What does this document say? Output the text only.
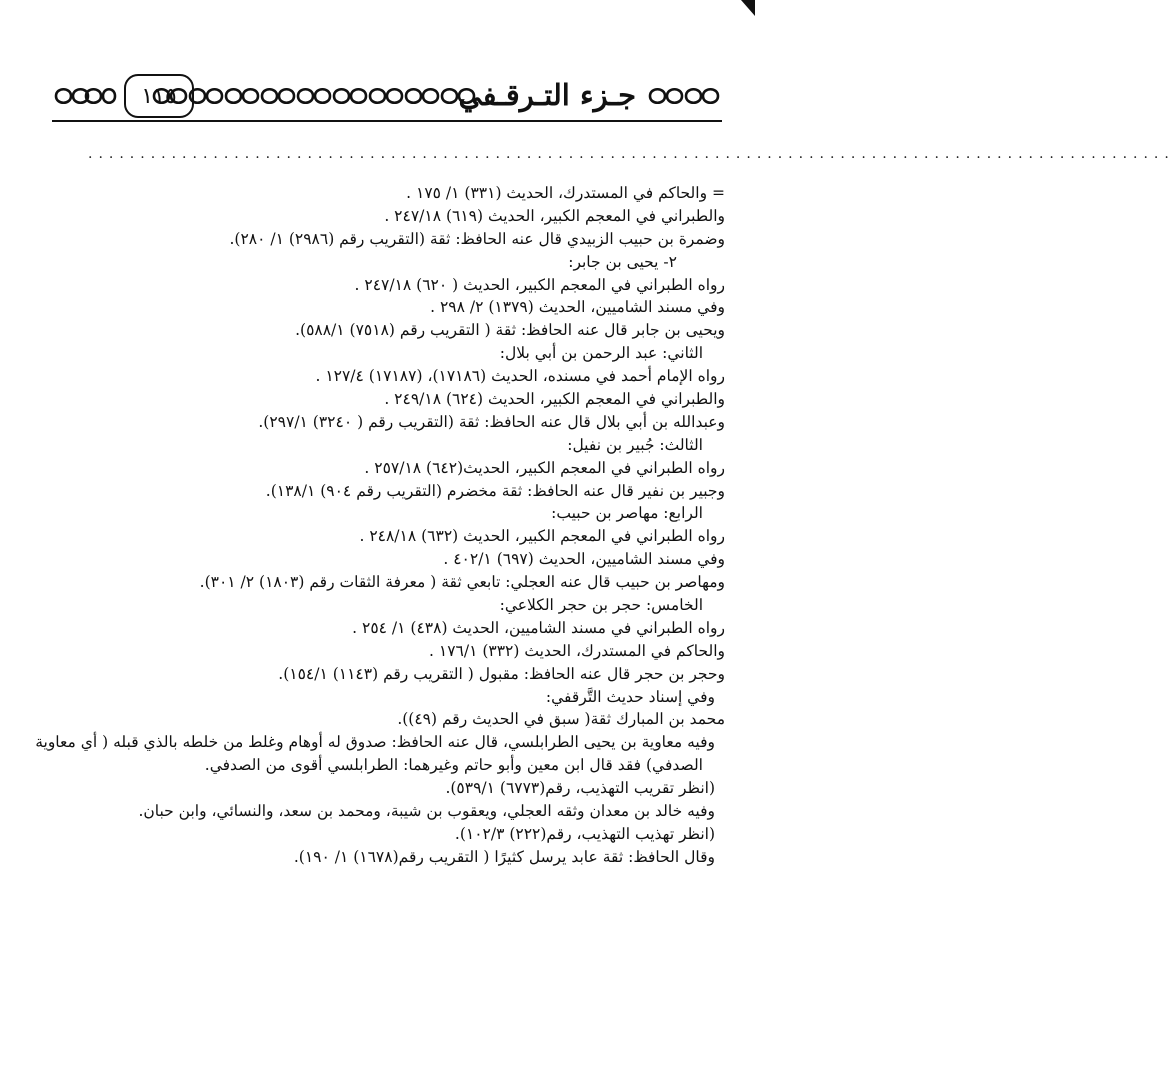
جـزء التـرقـفي
١١٥
........................................................................................................
= والحاكم في المستدرك، الحديث (٣٣١) ١/ ١٧٥ .
والطبراني في المعجم الكبير، الحديث (٦١٩) ٢٤٧/١٨ .
وضمرة بن حبيب الزبيدي قال عنه الحافظ: ثقة (التقريب رقم (٢٩٨٦) ١/ ٢٨٠).
٢- يحيى بن جابر:
رواه الطبراني في المعجم الكبير، الحديث ( ٦٢٠) ٢٤٧/١٨ .
وفي مسند الشاميين، الحديث (١٣٧٩) ٢/ ٢٩٨ .
ويحيى بن جابر قال عنه الحافظ: ثقة ( التقريب رقم (٧٥١٨) ٥٨٨/١).
الثاني: عبد الرحمن بن أبي بلال:
رواه الإمام أحمد في مسنده، الحديث (١٧١٨٦)، (١٧١٨٧) ١٢٧/٤ .
والطبراني في المعجم الكبير، الحديث (٦٢٤) ٢٤٩/١٨ .
وعبدالله بن أبي بلال قال عنه الحافظ: ثقة (التقريب رقم ( ٣٢٤٠) ٢٩٧/١).
الثالث: جُبير بن نفيل:
رواه الطبراني في المعجم الكبير، الحديث(٦٤٢) ٢٥٧/١٨ .
وجبير بن نفير قال عنه الحافظ: ثقة مخضرم (التقريب رقم ٩٠٤) ١٣٨/١).
الرابع: مهاصر بن حبيب:
رواه الطبراني في المعجم الكبير، الحديث (٦٣٢) ٢٤٨/١٨ .
وفي مسند الشاميين، الحديث (٦٩٧) ٤٠٢/١ .
ومهاصر بن حبيب قال عنه العجلي: تابعي ثقة ( معرفة الثقات رقم (١٨٠٣) ٢/ ٣٠١).
الخامس: حجر بن حجر الكلاعي:
رواه الطبراني في مسند الشاميين، الحديث (٤٣٨) ١/ ٢٥٤ .
والحاكم في المستدرك، الحديث (٣٣٢) ١٧٦/١ .
وحجر بن حجر قال عنه الحافظ: مقبول ( التقريب رقم (١١٤٣) ١٥٤/١).
وفي إسناد حديث التَّرقفي:
محمد بن المبارك ثقة( سبق في الحديث رقم (٤٩)).
وفيه معاوية بن يحيى الطرابلسي، قال عنه الحافظ: صدوق له أوهام وغلط من خلطه بالذي قبله ( أي معاوية
الصدفي) فقد قال ابن معين وأبو حاتم وغيرهما: الطرابلسي أقوى من الصدفي.
(انظر تقريب التهذيب، رقم(٦٧٧٣) ٥٣٩/١).
وفيه خالد بن معدان وثقه العجلي، ويعقوب بن شيبة، ومحمد بن سعد، والنسائي، وابن حبان.
(انظر تهذيب التهذيب، رقم(٢٢٢) ١٠٢/٣).
وقال الحافظ: ثقة عابد يرسل كثيرًا ( التقريب رقم(١٦٧٨) ١/ ١٩٠).
